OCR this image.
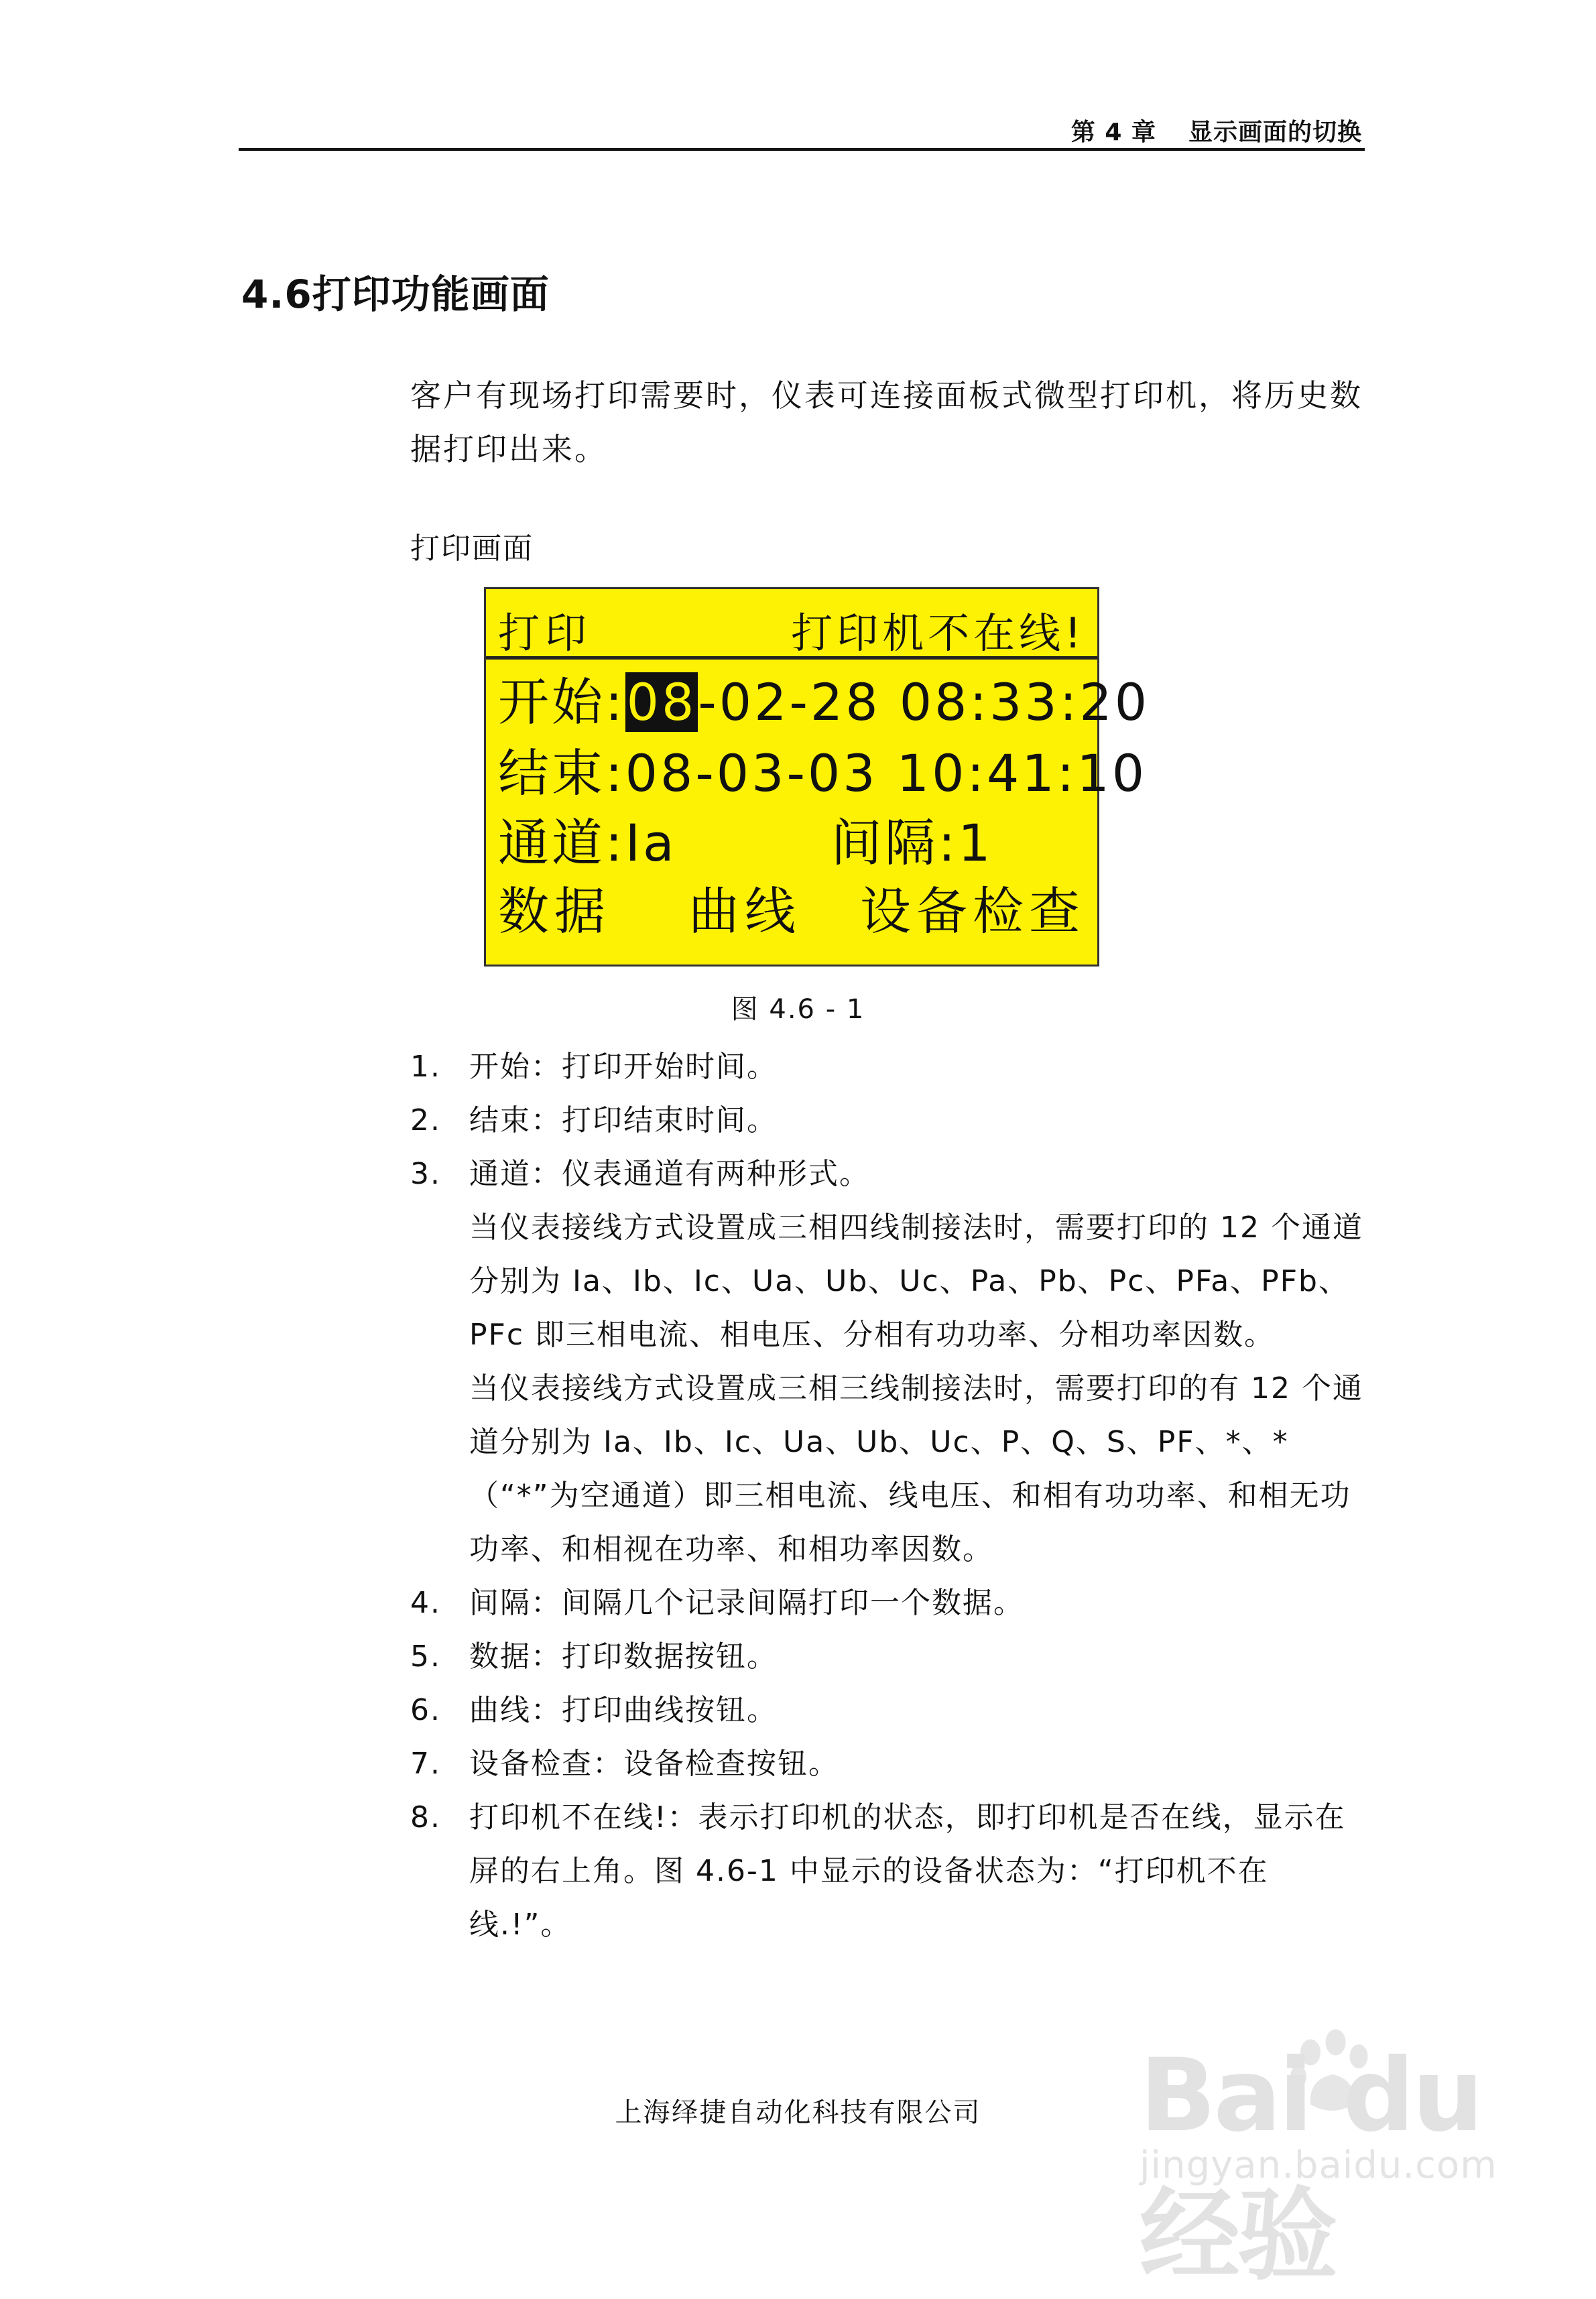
第 4 章 显示画面的切换
4.6打印功能画面
客户有现场打印需要时，仪表可连接面板式微型打印机，将历史数据打印出来。
打印画面
打印	打印机不在线!
开始:08-02-28 08:33:20
结束:08-03-03 10:41:10
通道:Ia	间隔:1
数据 曲线 设备检查
图 4.6 - 1
1. 开始：打印开始时间。

2. 结束：打印结束时间。

3. 通道：仪表通道有两种形式。

当仪表接线方式设置成三相四线制接法时，需要打印的 12 个通道分别为 Ia、Ib、Ic、Ua、Ub、Uc、Pa、Pb、Pc、PFa、PFb、PFc 即三相电流、相电压、分相有功功率、分相功率因数。

当仪表接线方式设置成三相三线制接法时，需要打印的有 12 个通道分别为 Ia、Ib、Ic、Ua、Ub、Uc、P、Q、S、PF、*、* （“*”为空通道）即三相电流、线电压、和相有功功率、和相无功功率、和相视在功率、和相功率因数。

4. 间隔：间隔几个记录间隔打印一个数据。

5. 数据：打印数据按钮。

6. 曲线：打印曲线按钮。

7. 设备检查：设备检查按钮。

8. 打印机不在线!：表示打印机的状态，即打印机是否在线，显示在屏的右上角。图 4.6-1 中显示的设备状态为：“打印机不在线.!”。

上海绎捷自动化科技有限公司	Bai du 经验
jingyan.baidu.com
